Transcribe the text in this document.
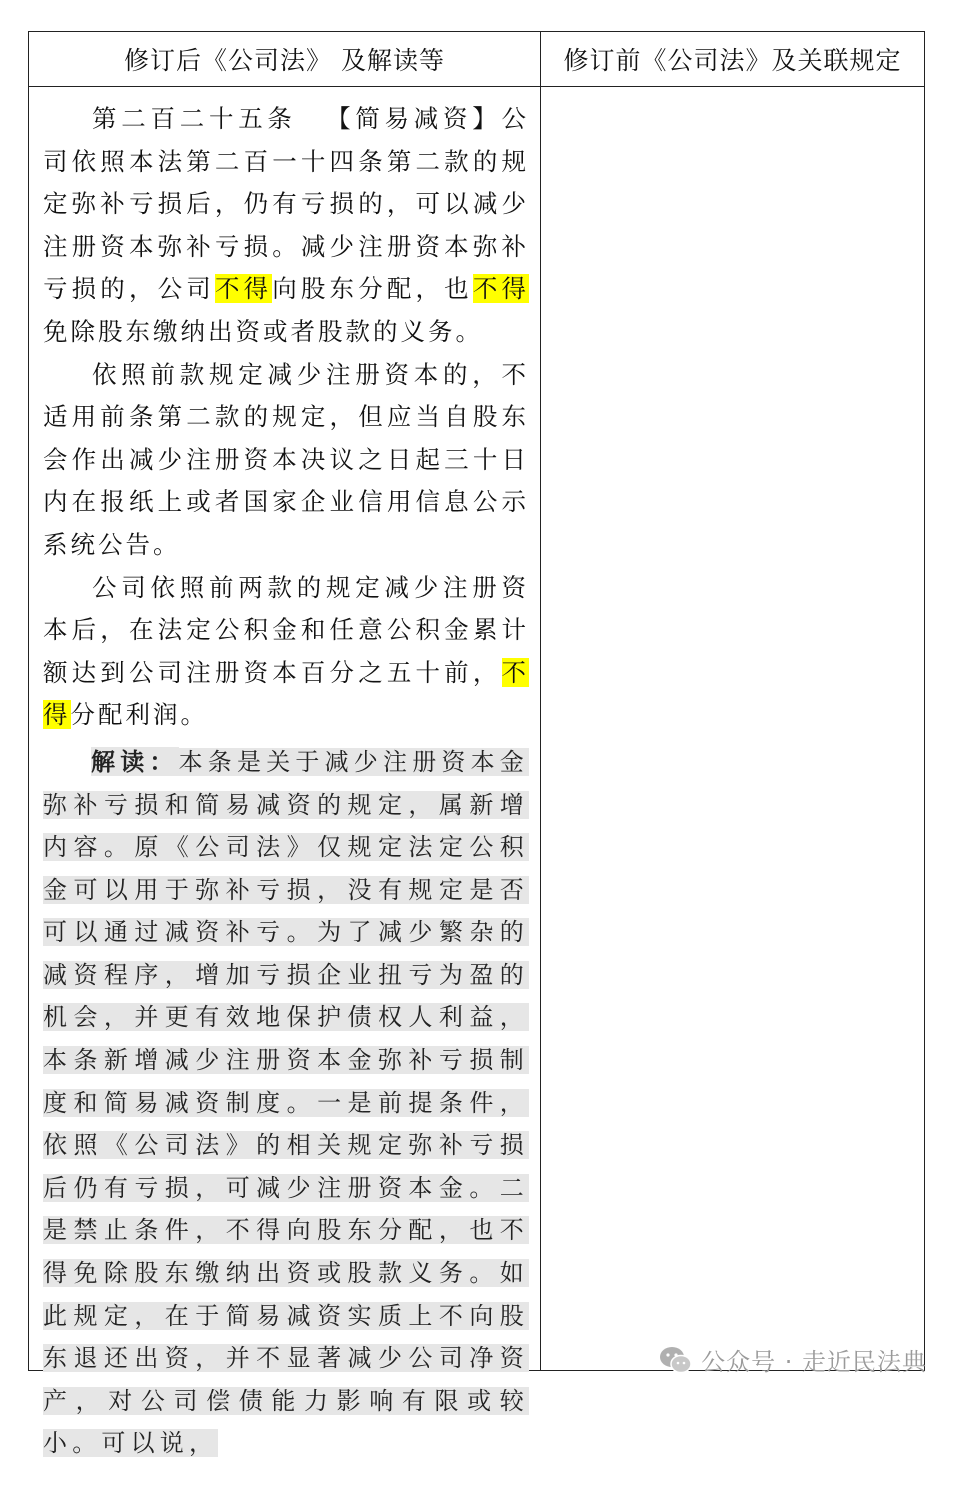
修订后《公司法》 及解读等	修订前《公司法》及关联规定

第二百二十五条 【简易减资】公司依照本法第二百一十四条第二款的规定弥补亏损后，仍有亏损的，可以减少注册资本弥补亏损。减少注册资本弥补亏损的，公司不得向股东分配，也不得免除股东缴纳出资或者股款的义务。

依照前款规定减少注册资本的，不适用前条第二款的规定，但应当自股东会作出减少注册资本决议之日起三十日内在报纸上或者国家企业信用信息公示系统公告。

公司依照前两款的规定减少注册资本后，在法定公积金和任意公积金累计额达到公司注册资本百分之五十前，不得分配利润。

解读：本条是关于减少注册资本金弥补亏损和简易减资的规定，属新增内容。原《公司法》仅规定法定公积金可以用于弥补亏损，没有规定是否可以通过减资补亏。为了减少繁杂的减资程序，增加亏损企业扭亏为盈的机会，并更有效地保护债权人利益，本条新增减少注册资本金弥补亏损制度和简易减资制度。一是前提条件，依照《公司法》的相关规定弥补亏损后仍有亏损，可减少注册资本金。二是禁止条件，不得向股东分配，也不得免除股东缴纳出资或股款义务。如此规定，在于简易减资实质上不向股东退还出资，并不显著减少公司净资产，对公司偿债能力影响有限或较小。可以说，

公众号 · 走近民法典
